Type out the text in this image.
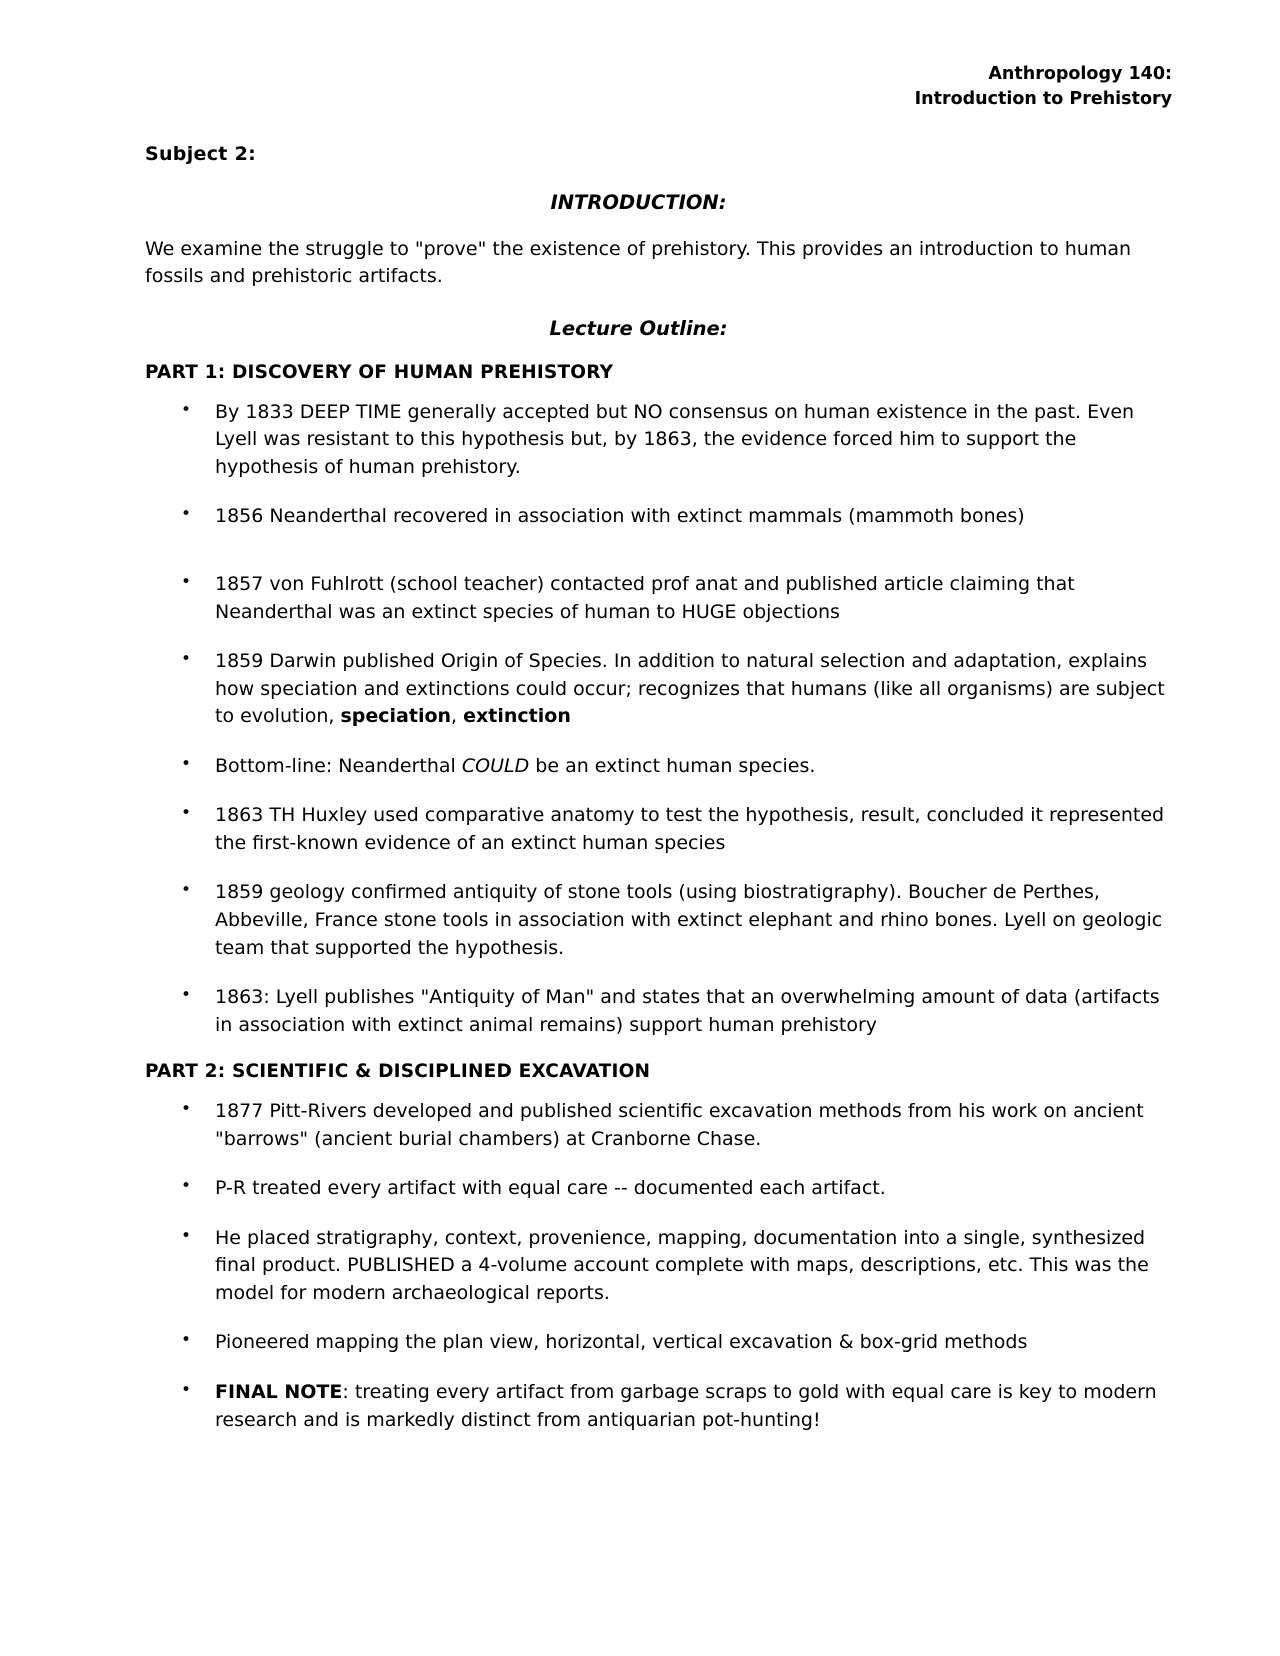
Anthropology 140:
Introduction to Prehistory
Subject 2:
INTRODUCTION:

We examine the struggle to "prove" the existence of prehistory. This provides an introduction to human fossils and prehistoric artifacts.

Lecture Outline:
PART 1: DISCOVERY OF HUMAN PREHISTORY
• By 1833 DEEP TIME generally accepted but NO consensus on human existence in the past. Even Lyell was resistant to this hypothesis but, by 1863, the evidence forced him to support the hypothesis of human prehistory.
• 1856 Neanderthal recovered in association with extinct mammals (mammoth bones)
• 1857 von Fuhlrott (school teacher) contacted prof anat and published article claiming that Neanderthal was an extinct species of human to HUGE objections
• 1859 Darwin published Origin of Species. In addition to natural selection and adaptation, explains how speciation and extinctions could occur; recognizes that humans (like all organisms) are subject to evolution, speciation, extinction
• Bottom-line: Neanderthal COULD be an extinct human species.
• 1863 TH Huxley used comparative anatomy to test the hypothesis, result, concluded it represented the first-known evidence of an extinct human species
• 1859 geology confirmed antiquity of stone tools (using biostratigraphy). Boucher de Perthes, Abbeville, France stone tools in association with extinct elephant and rhino bones. Lyell on geologic team that supported the hypothesis.
• 1863: Lyell publishes "Antiquity of Man" and states that an overwhelming amount of data (artifacts in association with extinct animal remains) support human prehistory
PART 2: SCIENTIFIC & DISCIPLINED EXCAVATION
• 1877 Pitt-Rivers developed and published scientific excavation methods from his work on ancient "barrows" (ancient burial chambers) at Cranborne Chase.
• P-R treated every artifact with equal care -- documented each artifact.
• He placed stratigraphy, context, provenience, mapping, documentation into a single, synthesized final product. PUBLISHED a 4-volume account complete with maps, descriptions, etc. This was the model for modern archaeological reports.
• Pioneered mapping the plan view, horizontal, vertical excavation & box-grid methods
• FINAL NOTE: treating every artifact from garbage scraps to gold with equal care is key to modern research and is markedly distinct from antiquarian pot-hunting!
